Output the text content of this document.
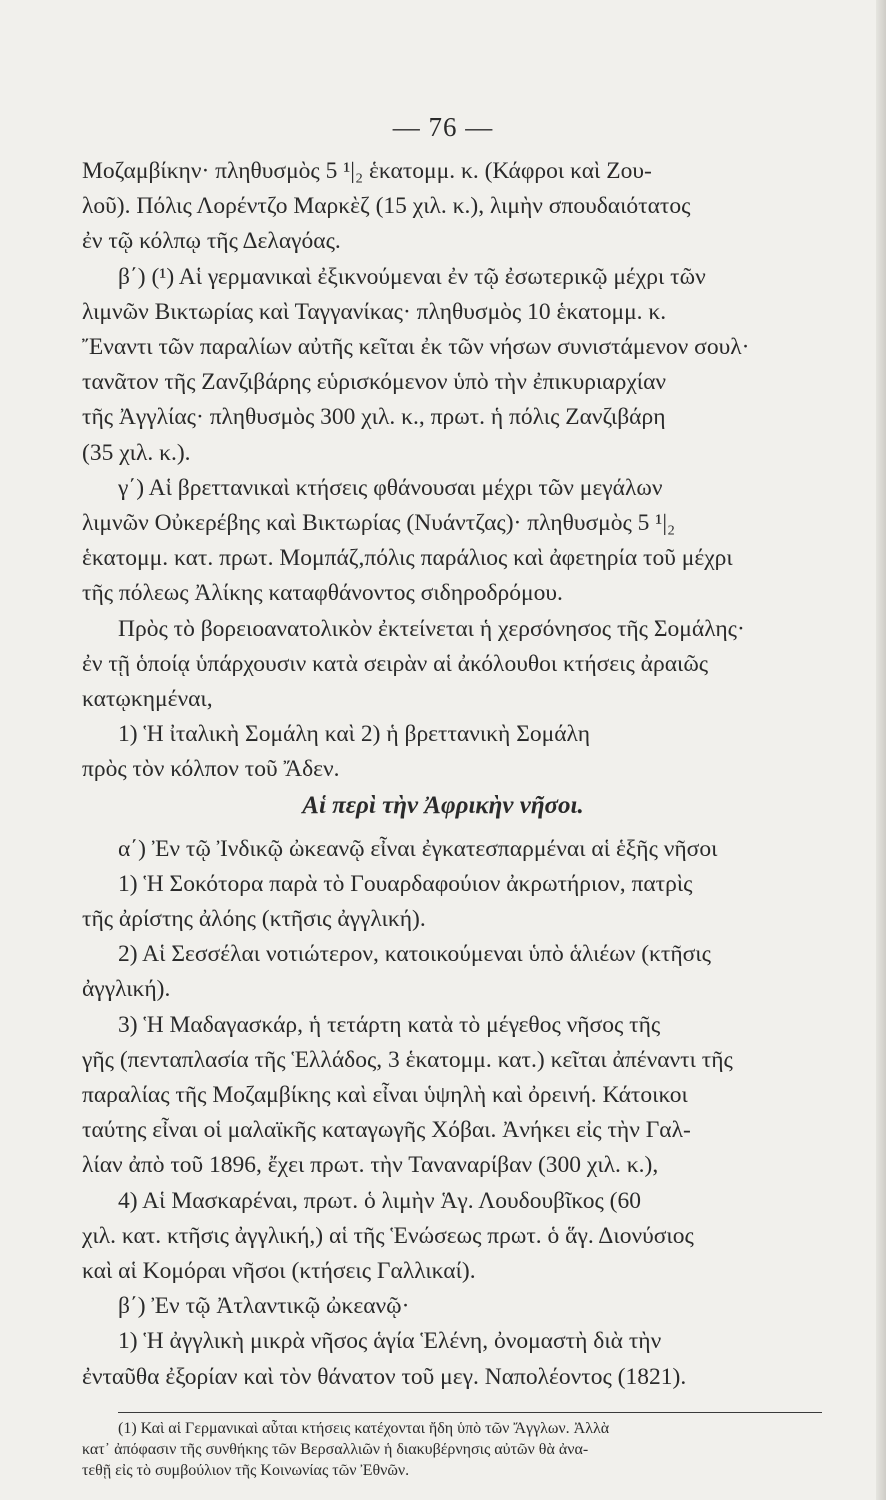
— 76 —
Μοζαμβίκην· πληθυσμὸς 5 ¹|₂ ἑκατομμ. κ. (Κάφροι καὶ Ζου-
λοῦ). Πόλις Λορέντζο Μαρκὲζ (15 χιλ. κ.), λιμὴν σπουδαιότατος
ἐν τῷ κόλπῳ τῆς Δελαγόας.
β΄) (¹) Αἱ γερμανικαὶ ἐξικνούμεναι ἐν τῷ ἐσωτερικῷ μέχρι τῶν
λιμνῶν Βικτωρίας καὶ Ταγγανίκας· πληθυσμὸς 10 ἑκατομμ. κ.
Ἔναντι τῶν παραλίων αὐτῆς κεῖται ἐκ τῶν νήσων συνιστάμενον σουλ·
τανᾶτον τῆς Ζανζιβάρης εὑρισκόμενον ὑπὸ τὴν ἐπικυριαρχίαν
τῆς Ἀγγλίας· πληθυσμὸς 300 χιλ. κ., πρωτ. ἡ πόλις Ζανζιβάρη
(35 χιλ. κ.).
γ΄) Αἱ βρεττανικαὶ κτήσεις φθάνουσαι μέχρι τῶν μεγάλων
λιμνῶν Οὐκερέβης καὶ Βικτωρίας (Νυάντζας)· πληθυσμὸς 5 ¹|₂
ἑκατομμ. κατ. πρωτ. Μομπάζ,πόλις παράλιος καὶ ἀφετηρία τοῦ μέχρι
τῆς πόλεως Ἀλίκης καταφθάνοντος σιδηροδρόμου.
Πρὸς τὸ βορειοανατολικὸν ἐκτείνεται ἡ χερσόνησος τῆς Σομάλης·
ἐν τῇ ὁποίᾳ ὑπάρχουσιν κατὰ σειρὰν αἱ ἀκόλουθοι κτήσεις ἀραιῶς
κατῳκημέναι,
1) Ἡ ἰταλικὴ Σομάλη καὶ 2) ἡ βρεττανικὴ Σομάλη
πρὸς τὸν κόλπον τοῦ Ἄδεν.
Αἱ περὶ τὴν Ἀφρικὴν νῆσοι.
α΄) Ἐν τῷ Ἰνδικῷ ὠκεανῷ εἶναι ἐγκατεσπαρμέναι αἱ ἑξῆς νῆσοι
1) Ἡ Σοκότορα παρὰ τὸ Γουαρδαφούιον ἀκρωτήριον, πατρὶς
τῆς ἀρίστης ἀλόης (κτῆσις ἀγγλική).
2) Αἱ Σεσσέλαι νοτιώτερον, κατοικούμεναι ὑπὸ ἁλιέων (κτῆσις
ἀγγλική).
3) Ἡ Μαδαγασκάρ, ἡ τετάρτη κατὰ τὸ μέγεθος νῆσος τῆς
γῆς (πενταπλασία τῆς Ἑλλάδος, 3 ἑκατομμ. κατ.) κεῖται ἀπέναντι τῆς
παραλίας τῆς Μοζαμβίκης καὶ εἶναι ὑψηλὴ καὶ ὀρεινή. Κάτοικοι
ταύτης εἶναι οἱ μαλαϊκῆς καταγωγῆς Χόβαι. Ἀνήκει εἰς τὴν Γαλ-
λίαν ἀπὸ τοῦ 1896, ἔχει πρωτ. τὴν Ταναναρίβαν (300 χιλ. κ.),
4) Αἱ Μασκαρέναι, πρωτ. ὁ λιμὴν Ἁγ. Λουδουβῖκος (60
χιλ. κατ. κτῆσις ἀγγλική,) αἱ τῆς Ἑνώσεως πρωτ. ὁ ἅγ. Διονύσιος
καὶ αἱ Κομόραι νῆσοι (κτήσεις Γαλλικαί).
β΄) Ἐν τῷ Ἀτλαντικῷ ὠκεανῷ·
1) Ἡ ἀγγλικὴ μικρὰ νῆσος ἁγία Ἑλένη, ὀνομαστὴ διὰ τὴν
ἐνταῦθα ἐξορίαν καὶ τὸν θάνατον τοῦ μεγ. Ναπολέοντος (1821).
(1) Καὶ αἱ Γερμανικαὶ αὗται κτήσεις κατέχονται ἤδη ὑπὸ τῶν Ἄγγλων. Ἀλλὰ
κατ᾽ ἀπόφασιν τῆς συνθήκης τῶν Βερσαλλιῶν ἡ διακυβέρνησις αὐτῶν θὰ ἀνα-
τεθῇ εἰς τὸ συμβούλιον τῆς Κοινωνίας τῶν Ἐθνῶν.
